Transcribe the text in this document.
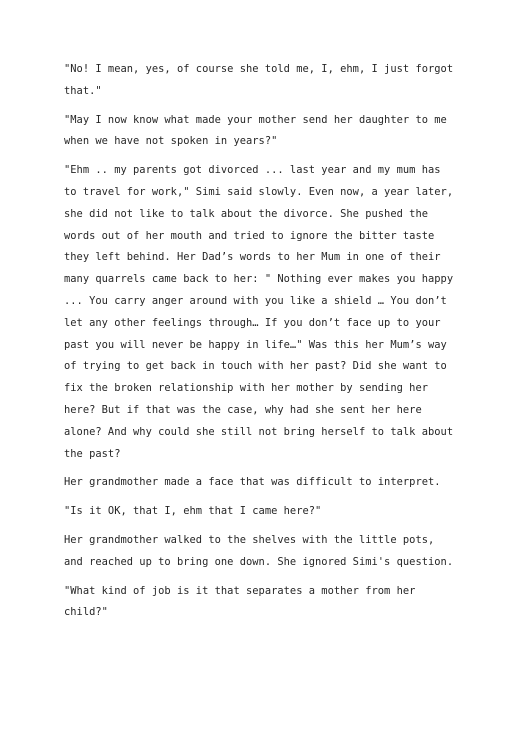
"No! I mean, yes, of course she told me, I, ehm, I just forgot
that."

"May I now know what made your mother send her daughter to me
when we have not spoken in years?"

"Ehm .. my parents got divorced ... last year and my mum has
to travel for work," Simi said slowly. Even now, a year later,
she did not like to talk about the divorce. She pushed the
words out of her mouth and tried to ignore the bitter taste
they left behind. Her Dad’s words to her Mum in one of their
many quarrels came back to her: " Nothing ever makes you happy
... You carry anger around with you like a shield … You don’t
let any other feelings through… If you don’t face up to your
past you will never be happy in life…" Was this her Mum’s way
of trying to get back in touch with her past? Did she want to
fix the broken relationship with her mother by sending her
here? But if that was the case, why had she sent her here
alone? And why could she still not bring herself to talk about
the past?

Her grandmother made a face that was difficult to interpret.

"Is it OK, that I, ehm that I came here?"

Her grandmother walked to the shelves with the little pots,
and reached up to bring one down. She ignored Simi's question.

"What kind of job is it that separates a mother from her
child?"
